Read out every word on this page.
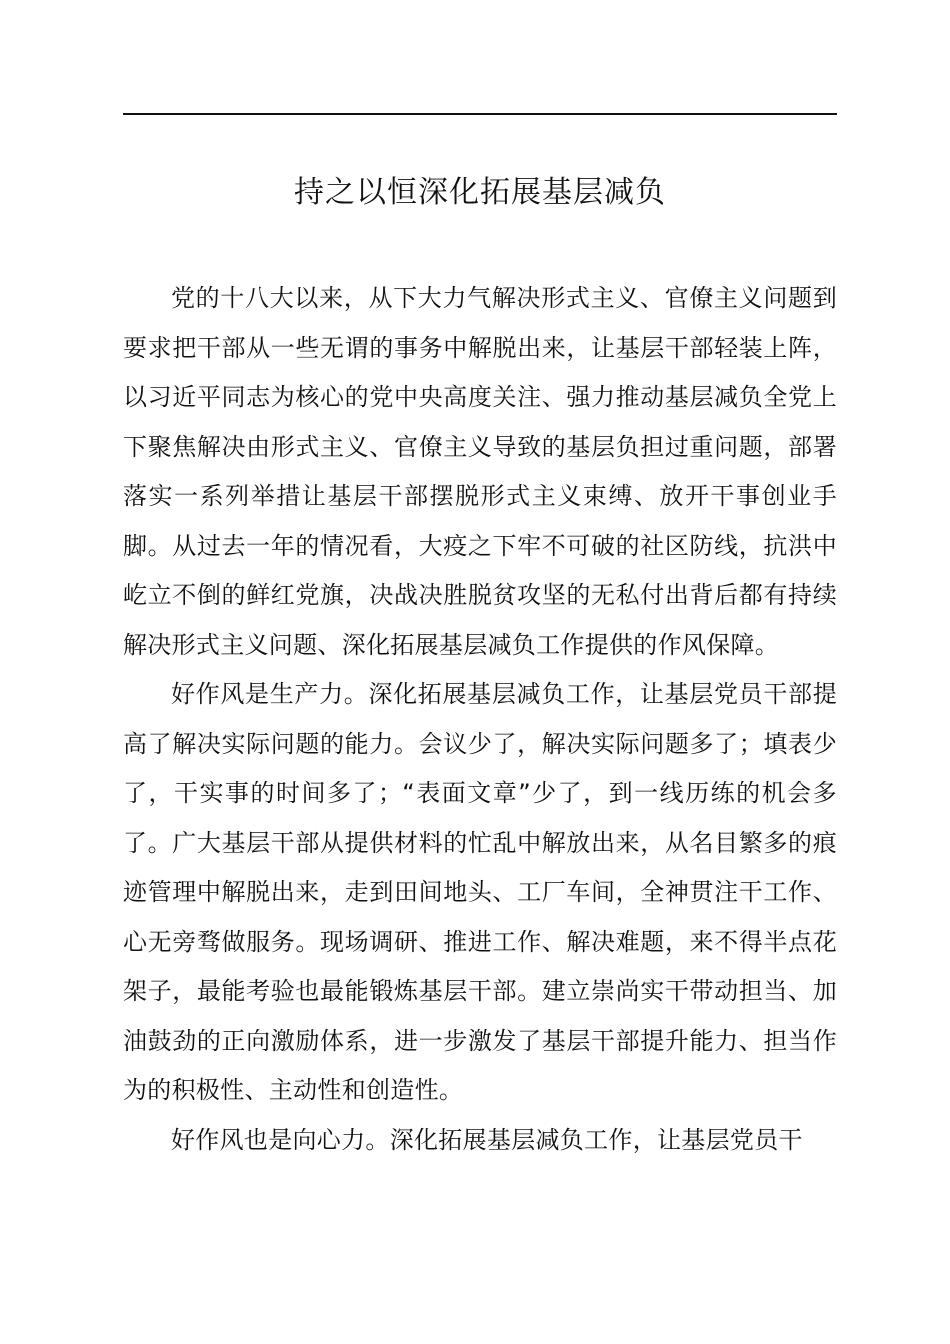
持之以恒深化拓展基层减负

党的十八大以来，从下大力气解决形式主义、官僚主义问题到要求把干部从一些无谓的事务中解脱出来，让基层干部轻装上阵，以习近平同志为核心的党中央高度关注、强力推动基层减负全党上下聚焦解决由形式主义、官僚主义导致的基层负担过重问题，部署落实一系列举措让基层干部摆脱形式主义束缚、放开干事创业手脚。从过去一年的情况看，大疫之下牢不可破的社区防线，抗洪中屹立不倒的鲜红党旗，决战决胜脱贫攻坚的无私付出背后都有持续解决形式主义问题、深化拓展基层减负工作提供的作风保障。

好作风是生产力。深化拓展基层减负工作，让基层党员干部提高了解决实际问题的能力。会议少了，解决实际问题多了；填表少了，干实事的时间多了；“表面文章”少了，到一线历练的机会多了。广大基层干部从提供材料的忙乱中解放出来，从名目繁多的痕迹管理中解脱出来，走到田间地头、工厂车间，全神贯注干工作、心无旁骛做服务。现场调研、推进工作、解决难题，来不得半点花架子，最能考验也最能锻炼基层干部。建立崇尚实干带动担当、加油鼓劲的正向激励体系，进一步激发了基层干部提升能力、担当作为的积极性、主动性和创造性。

好作风也是向心力。深化拓展基层减负工作，让基层党员干
